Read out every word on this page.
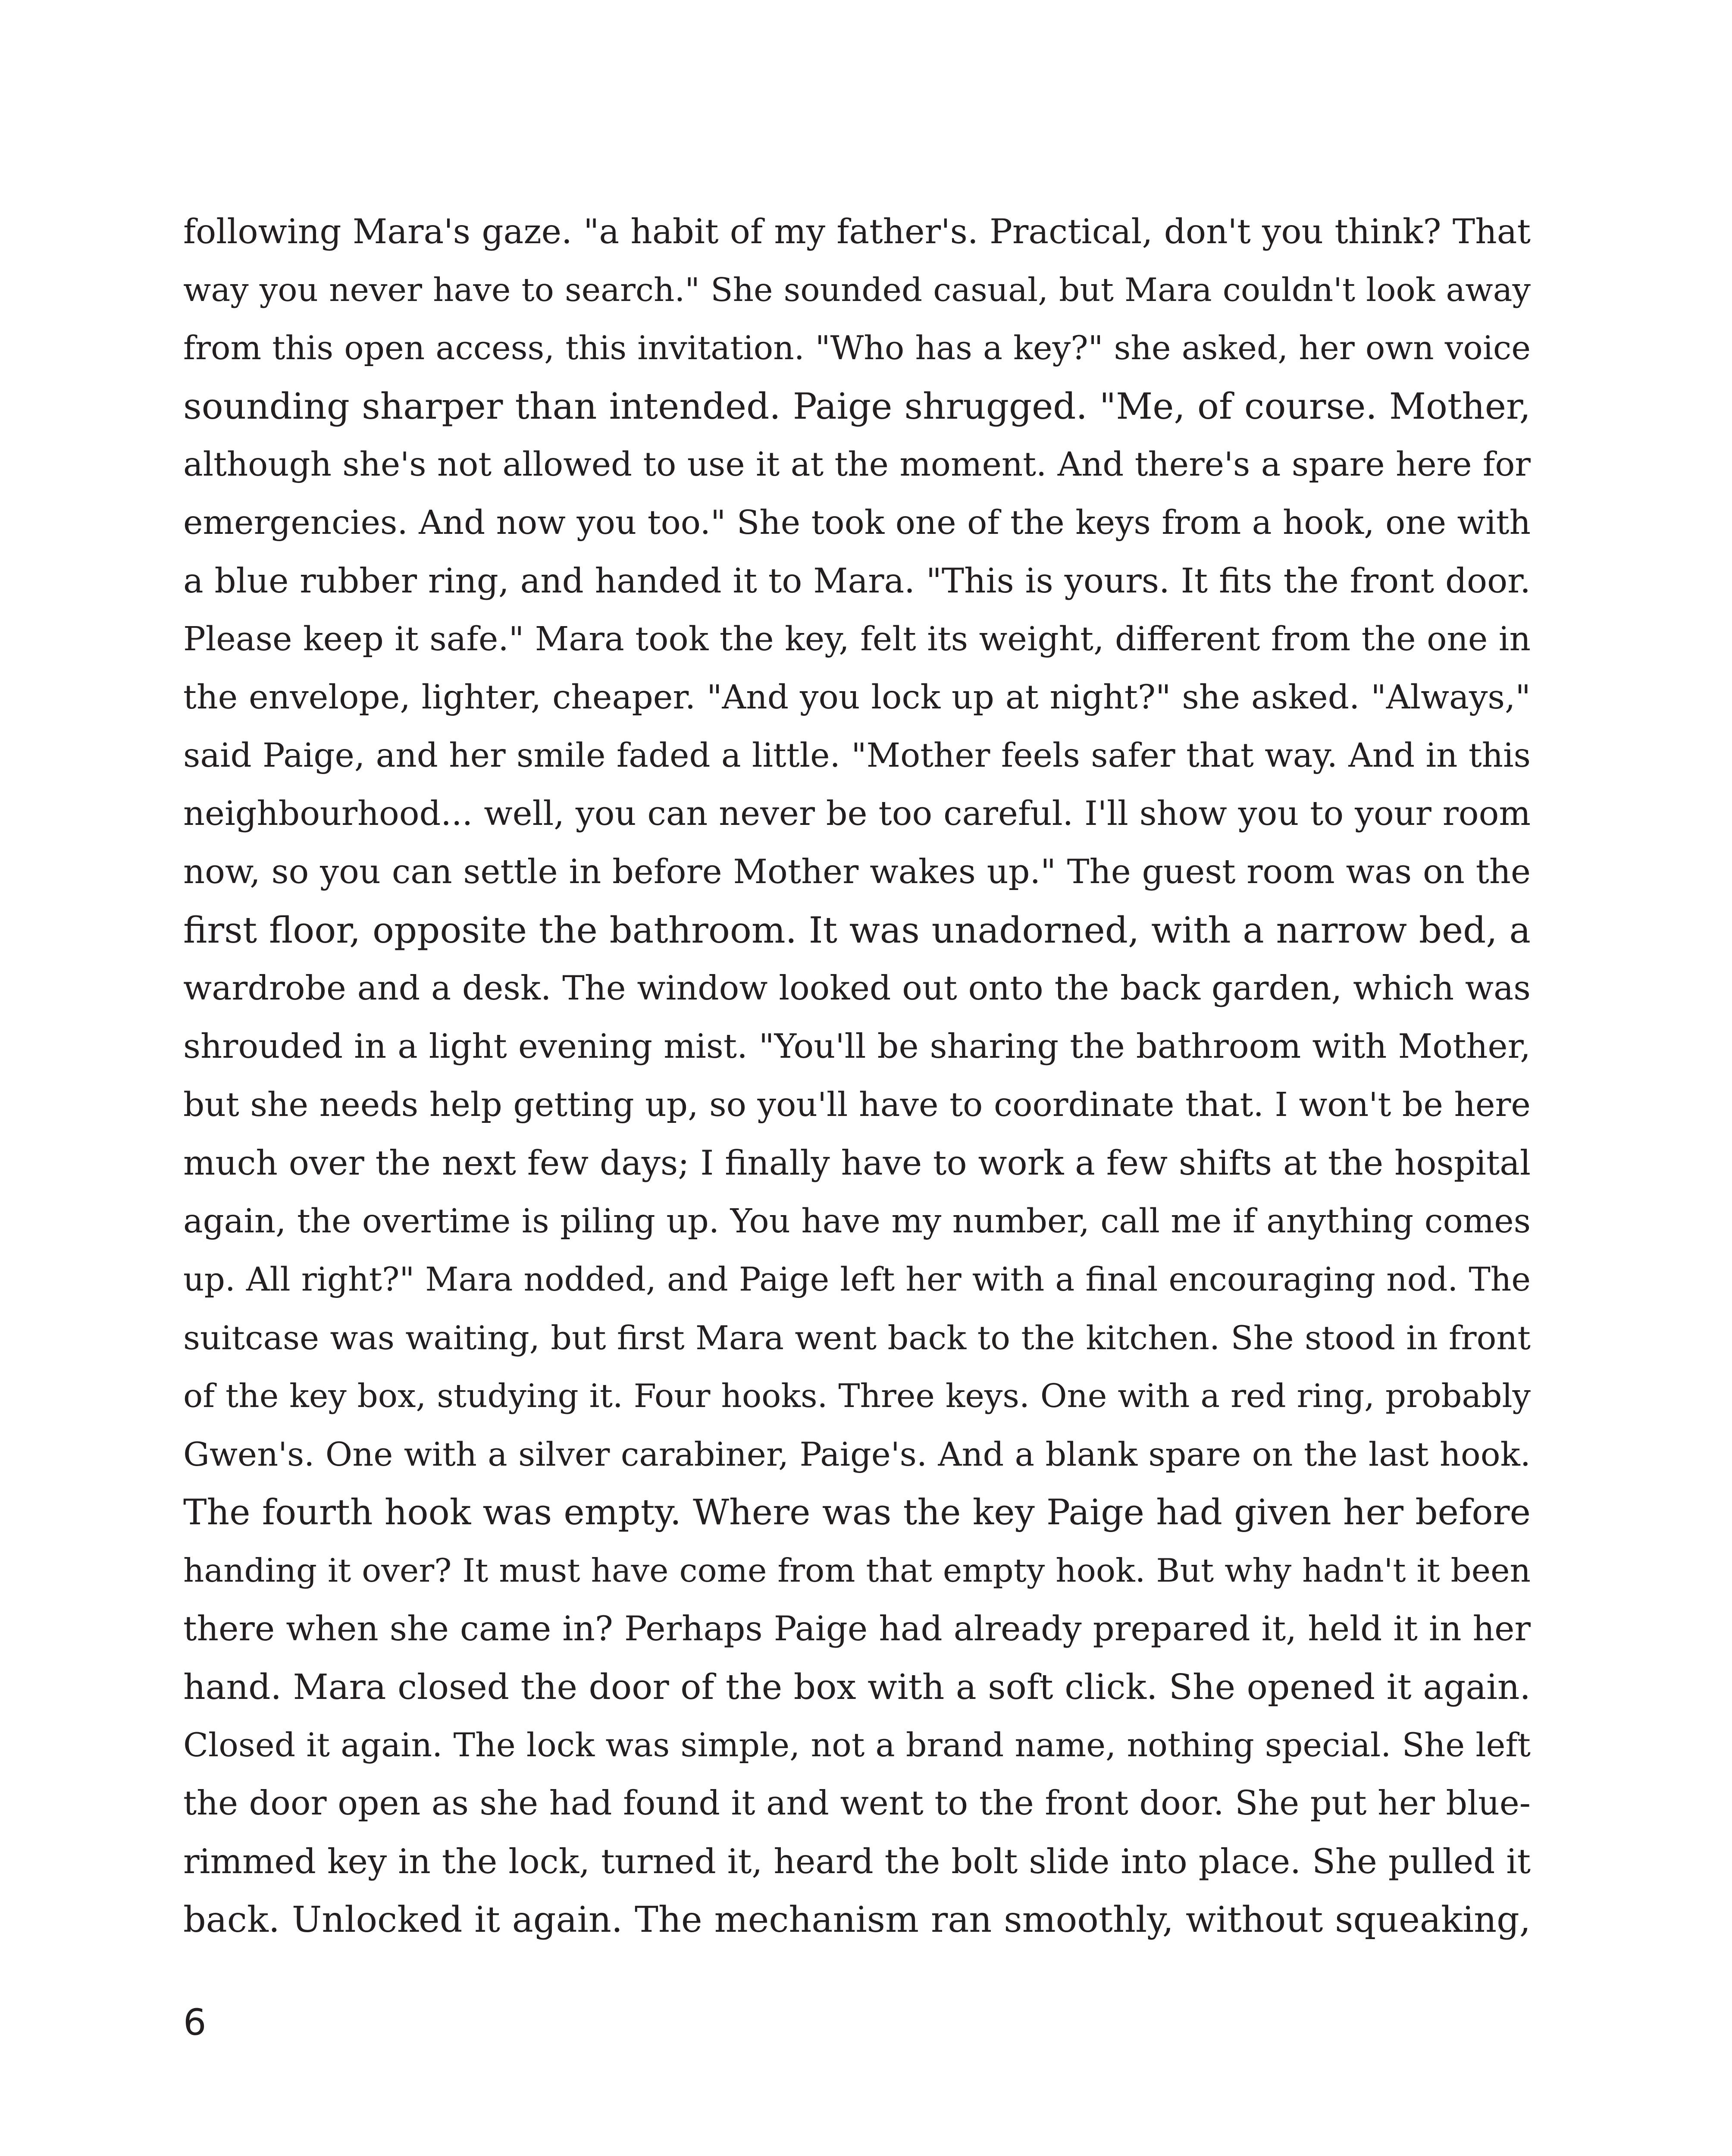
following Mara's gaze. "a habit of my father's. Practical, don't you think? That
way you never have to search." She sounded casual, but Mara couldn't look away
from this open access, this invitation. "Who has a key?" she asked, her own voice
sounding sharper than intended. Paige shrugged. "Me, of course. Mother,
although she's not allowed to use it at the moment. And there's a spare here for
emergencies. And now you too." She took one of the keys from a hook, one with
a blue rubber ring, and handed it to Mara. "This is yours. It fits the front door.
Please keep it safe." Mara took the key, felt its weight, different from the one in
the envelope, lighter, cheaper. "And you lock up at night?" she asked. "Always,"
said Paige, and her smile faded a little. "Mother feels safer that way. And in this
neighbourhood... well, you can never be too careful. I'll show you to your room
now, so you can settle in before Mother wakes up." The guest room was on the
first floor, opposite the bathroom. It was unadorned, with a narrow bed, a
wardrobe and a desk. The window looked out onto the back garden, which was
shrouded in a light evening mist. "You'll be sharing the bathroom with Mother,
but she needs help getting up, so you'll have to coordinate that. I won't be here
much over the next few days; I finally have to work a few shifts at the hospital
again, the overtime is piling up. You have my number, call me if anything comes
up. All right?" Mara nodded, and Paige left her with a final encouraging nod. The
suitcase was waiting, but first Mara went back to the kitchen. She stood in front
of the key box, studying it. Four hooks. Three keys. One with a red ring, probably
Gwen's. One with a silver carabiner, Paige's. And a blank spare on the last hook.
The fourth hook was empty. Where was the key Paige had given her before
handing it over? It must have come from that empty hook. But why hadn't it been
there when she came in? Perhaps Paige had already prepared it, held it in her
hand. Mara closed the door of the box with a soft click. She opened it again.
Closed it again. The lock was simple, not a brand name, nothing special. She left
the door open as she had found it and went to the front door. She put her blue-
rimmed key in the lock, turned it, heard the bolt slide into place. She pulled it
back. Unlocked it again. The mechanism ran smoothly, without squeaking,
6
